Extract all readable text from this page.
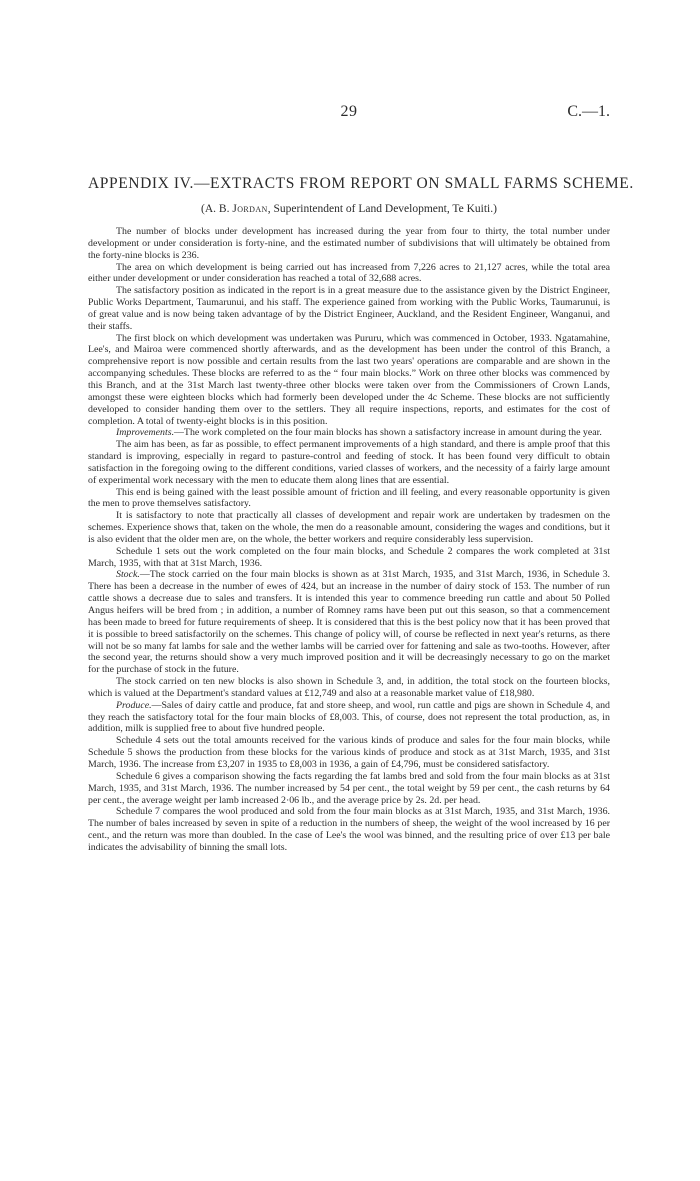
29	C.—1.
APPENDIX IV.—EXTRACTS FROM REPORT ON SMALL FARMS SCHEME.

(A. B. Jordan, Superintendent of Land Development, Te Kuiti.)

The number of blocks under development has increased during the year from four to thirty, the total number under development or under consideration is forty-nine, and the estimated number of subdivisions that will ultimately be obtained from the forty-nine blocks is 236.

The area on which development is being carried out has increased from 7,226 acres to 21,127 acres, while the total area either under development or under consideration has reached a total of 32,688 acres.

The satisfactory position as indicated in the report is in a great measure due to the assistance given by the District Engineer, Public Works Department, Taumarunui, and his staff. The experience gained from working with the Public Works, Taumarunui, is of great value and is now being taken advantage of by the District Engineer, Auckland, and the Resident Engineer, Wanganui, and their staffs.

The first block on which development was undertaken was Pururu, which was commenced in October, 1933. Ngatamahine, Lee's, and Mairoa were commenced shortly afterwards, and as the development has been under the control of this Branch, a comprehensive report is now possible and certain results from the last two years' operations are comparable and are shown in the accompanying schedules. These blocks are referred to as the “ four main blocks.” Work on three other blocks was commenced by this Branch, and at the 31st March last twenty-three other blocks were taken over from the Commissioners of Crown Lands, amongst these were eighteen blocks which had formerly been developed under the 4c Scheme. These blocks are not sufficiently developed to consider handing them over to the settlers. They all require inspections, reports, and estimates for the cost of completion. A total of twenty-eight blocks is in this position.

Improvements.—The work completed on the four main blocks has shown a satisfactory increase in amount during the year.

The aim has been, as far as possible, to effect permanent improvements of a high standard, and there is ample proof that this standard is improving, especially in regard to pasture-control and feeding of stock. It has been found very difficult to obtain satisfaction in the foregoing owing to the different conditions, varied classes of workers, and the necessity of a fairly large amount of experimental work necessary with the men to educate them along lines that are essential.

This end is being gained with the least possible amount of friction and ill feeling, and every reasonable opportunity is given the men to prove themselves satisfactory.

It is satisfactory to note that practically all classes of development and repair work are undertaken by tradesmen on the schemes. Experience shows that, taken on the whole, the men do a reasonable amount, considering the wages and conditions, but it is also evident that the older men are, on the whole, the better workers and require considerably less supervision.

Schedule 1 sets out the work completed on the four main blocks, and Schedule 2 compares the work completed at 31st March, 1935, with that at 31st March, 1936.

Stock.—The stock carried on the four main blocks is shown as at 31st March, 1935, and 31st March, 1936, in Schedule 3. There has been a decrease in the number of ewes of 424, but an increase in the number of dairy stock of 153. The number of run cattle shows a decrease due to sales and transfers. It is intended this year to commence breeding run cattle and about 50 Polled Angus heifers will be bred from ; in addition, a number of Romney rams have been put out this season, so that a commencement has been made to breed for future requirements of sheep. It is considered that this is the best policy now that it has been proved that it is possible to breed satisfactorily on the schemes. This change of policy will, of course be reflected in next year's returns, as there will not be so many fat lambs for sale and the wether lambs will be carried over for fattening and sale as two-tooths. However, after the second year, the returns should show a very much improved position and it will be decreasingly necessary to go on the market for the purchase of stock in the future.

The stock carried on ten new blocks is also shown in Schedule 3, and, in addition, the total stock on the fourteen blocks, which is valued at the Department's standard values at £12,749 and also at a reasonable market value of £18,980.

Produce.—Sales of dairy cattle and produce, fat and store sheep, and wool, run cattle and pigs are shown in Schedule 4, and they reach the satisfactory total for the four main blocks of £8,003. This, of course, does not represent the total production, as, in addition, milk is supplied free to about five hundred people.

Schedule 4 sets out the total amounts received for the various kinds of produce and sales for the four main blocks, while Schedule 5 shows the production from these blocks for the various kinds of produce and stock as at 31st March, 1935, and 31st March, 1936. The increase from £3,207 in 1935 to £8,003 in 1936, a gain of £4,796, must be considered satisfactory.

Schedule 6 gives a comparison showing the facts regarding the fat lambs bred and sold from the four main blocks as at 31st March, 1935, and 31st March, 1936. The number increased by 54 per cent., the total weight by 59 per cent., the cash returns by 64 per cent., the average weight per lamb increased 2·06 lb., and the average price by 2s. 2d. per head.

Schedule 7 compares the wool produced and sold from the four main blocks as at 31st March, 1935, and 31st March, 1936. The number of bales increased by seven in spite of a reduction in the numbers of sheep, the weight of the wool increased by 16 per cent., and the return was more than doubled. In the case of Lee's the wool was binned, and the resulting price of over £13 per bale indicates the advisability of binning the small lots.
